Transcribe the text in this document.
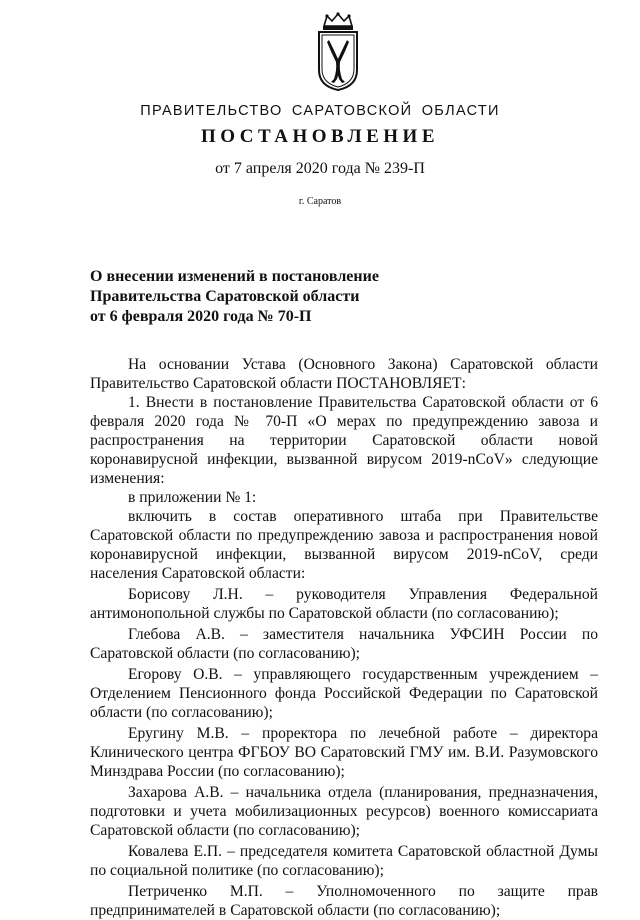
ПРАВИТЕЛЬСТВО САРАТОВСКОЙ ОБЛАСТИ
ПОСТАНОВЛЕНИЕ
от 7 апреля 2020 года № 239-П
г. Саратов
О внесении изменений в постановление
Правительства Саратовской области
от 6 февраля 2020 года № 70-П

На основании Устава (Основного Закона) Саратовской области Правительство Саратовской области ПОСТАНОВЛЯЕТ:

1. Внести в постановление Правительства Саратовской области от 6 февраля 2020 года № 70-П «О мерах по предупреждению завоза и распространения на территории Саратовской области новой коронавирусной инфекции, вызванной вирусом 2019-nCoV» следующие изменения:

в приложении № 1:

включить в состав оперативного штаба при Правительстве Саратовской области по предупреждению завоза и распространения новой коронавирусной инфекции, вызванной вирусом 2019-nCoV, среди населения Саратовской области:

Борисову Л.Н. – руководителя Управления Федеральной антимонопольной службы по Саратовской области (по согласованию);

Глебова А.В. – заместителя начальника УФСИН России по Саратовской области (по согласованию);

Егорову О.В. – управляющего государственным учреждением – Отделением Пенсионного фонда Российской Федерации по Саратовской области (по согласованию);

Еругину М.В. – проректора по лечебной работе – директора Клинического центра ФГБОУ ВО Саратовский ГМУ им. В.И. Разумовского Минздрава России (по согласованию);

Захарова А.В. – начальника отдела (планирования, предназначения, подготовки и учета мобилизационных ресурсов) военного комиссариата Саратовской области (по согласованию);

Ковалева Е.П. – председателя комитета Саратовской областной Думы по социальной политике (по согласованию);

Петриченко М.П. – Уполномоченного по защите прав предпринимателей в Саратовской области (по согласованию);
